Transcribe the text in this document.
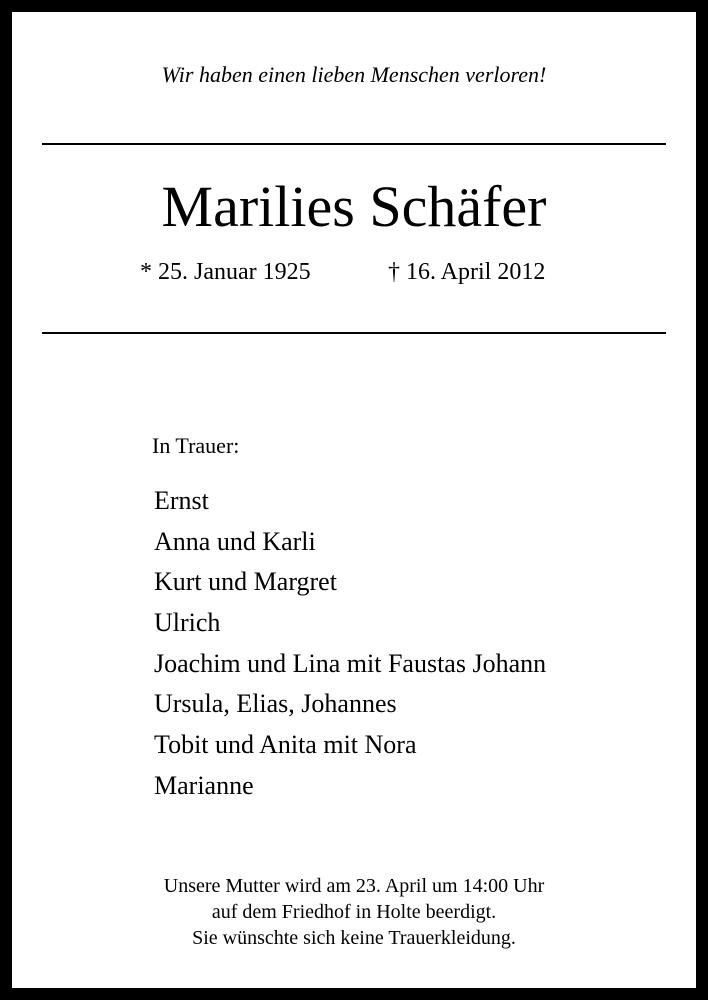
Wir haben einen lieben Menschen verloren!
Marilies Schäfer
* 25. Januar 1925	† 16. April 2012
In Trauer:
Ernst
Anna und Karli
Kurt und Margret
Ulrich
Joachim und Lina mit Faustas Johann
Ursula, Elias, Johannes
Tobit und Anita mit Nora
Marianne
Unsere Mutter wird am 23. April um 14:00 Uhr
auf dem Friedhof in Holte beerdigt.
Sie wünschte sich keine Trauerkleidung.
